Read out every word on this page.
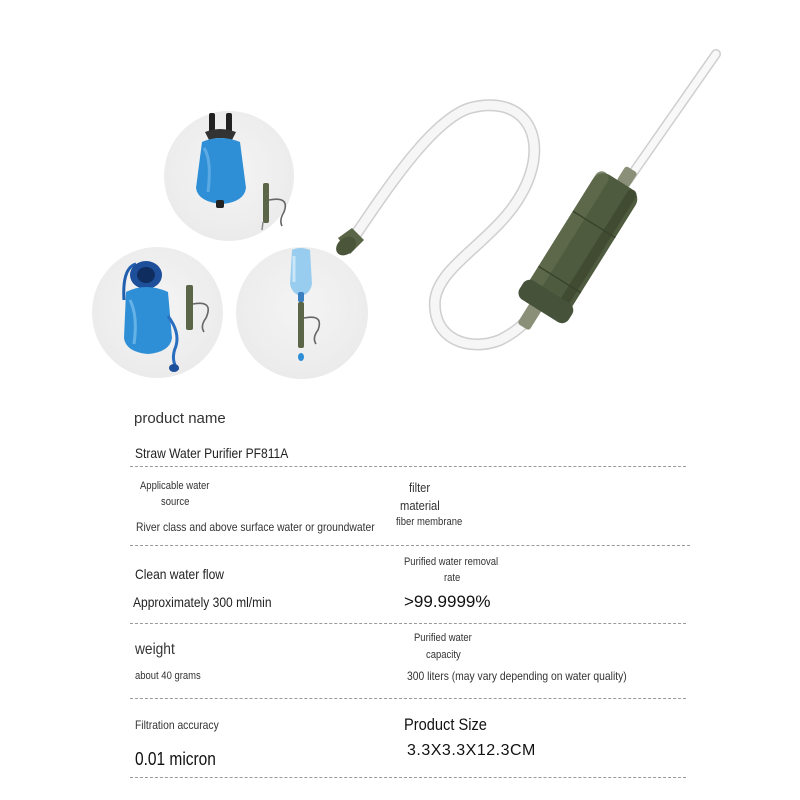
product name
Straw Water Purifier PF811A
Applicable water
source
River class and above surface water or groundwater
filter
material
fiber membrane
Clean water flow
Approximately 300 ml/min
Purified water removal
rate
>99.9999%
weight
about 40 grams
Purified water
capacity
300 liters (may vary depending on water quality)
Filtration accuracy
0.01 micron
Product Size
3.3X3.3X12.3CM
